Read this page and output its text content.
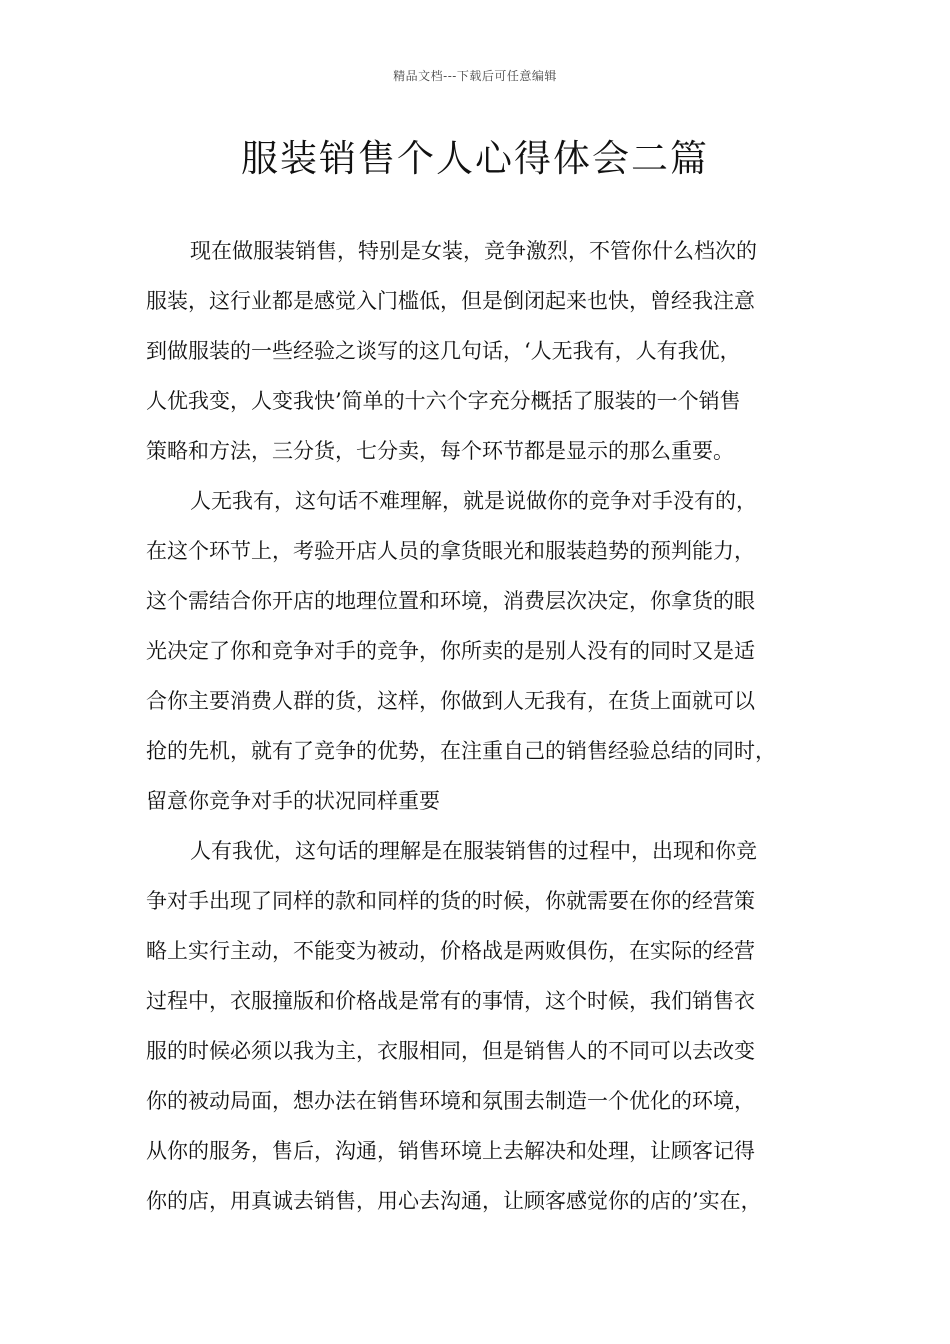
精品文档---下载后可任意编辑
服装销售个人心得体会二篇
现在做服装销售，特别是女装，竞争激烈，不管你什么档次的
服装，这行业都是感觉入门槛低，但是倒闭起来也快，曾经我注意
到做服装的一些经验之谈写的这几句话，‘人无我有，人有我优，
人优我变，人变我快’简单的十六个字充分概括了服装的一个销售
策略和方法，三分货，七分卖，每个环节都是显示的那么重要。
人无我有，这句话不难理解，就是说做你的竞争对手没有的，
在这个环节上，考验开店人员的拿货眼光和服装趋势的预判能力，
这个需结合你开店的地理位置和环境，消费层次决定，你拿货的眼
光决定了你和竞争对手的竞争，你所卖的是别人没有的同时又是适
合你主要消费人群的货，这样，你做到人无我有，在货上面就可以
抢的先机，就有了竞争的优势，在注重自己的销售经验总结的同时，
留意你竞争对手的状况同样重要
人有我优，这句话的理解是在服装销售的过程中，出现和你竞
争对手出现了同样的款和同样的货的时候，你就需要在你的经营策
略上实行主动，不能变为被动，价格战是两败俱伤，在实际的经营
过程中，衣服撞版和价格战是常有的事情，这个时候，我们销售衣
服的时候必须以我为主，衣服相同，但是销售人的不同可以去改变
你的被动局面，想办法在销售环境和氛围去制造一个优化的环境，
从你的服务，售后，沟通，销售环境上去解决和处理，让顾客记得
你的店，用真诚去销售，用心去沟通，让顾客感觉你的店的’实在，
